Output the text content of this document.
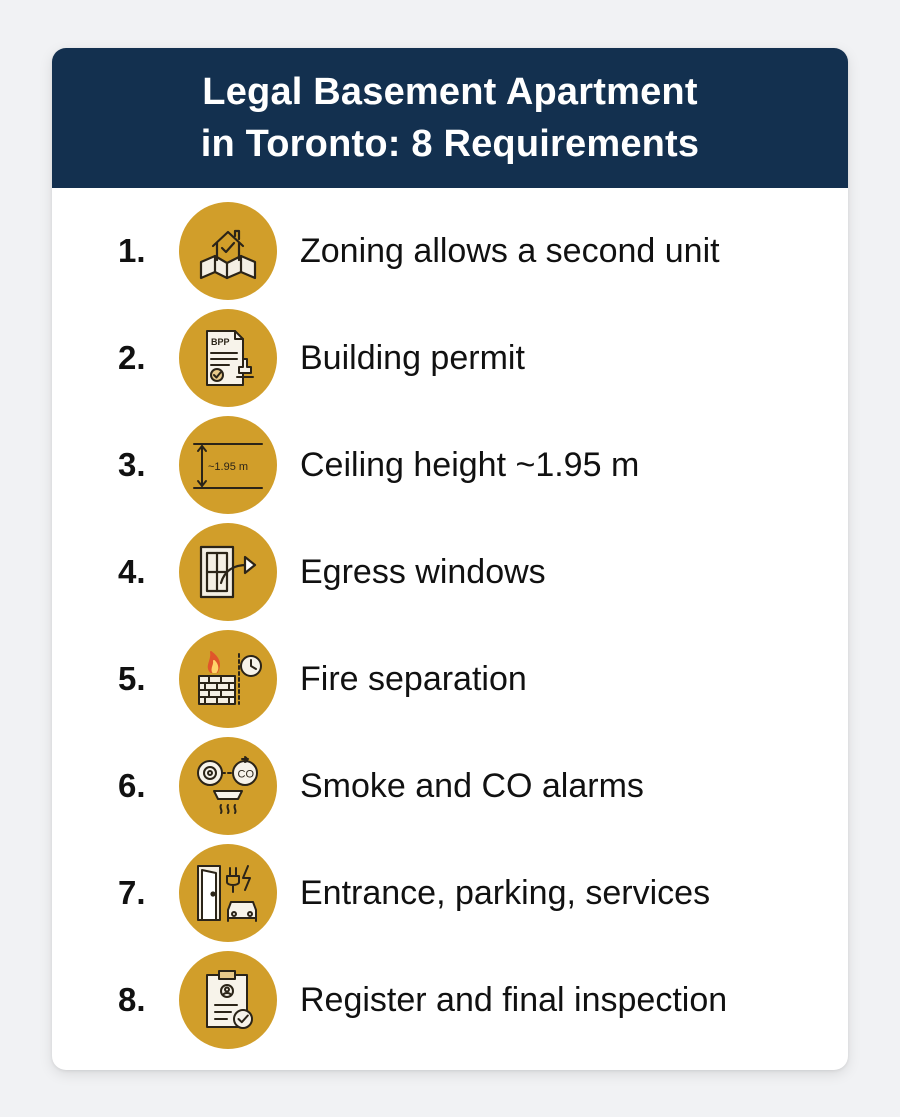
Legal Basement Apartment
in Toronto: 8 Requirements
1.	Zoning allows a second unit
2.	BPP Building permit
3.	~1.95 m Ceiling height ~1.95 m
4.	Egress windows
5.	Fire separation
6.	CO Smoke and CO alarms
7.	Entrance, parking, services
8.	Register and final inspection
